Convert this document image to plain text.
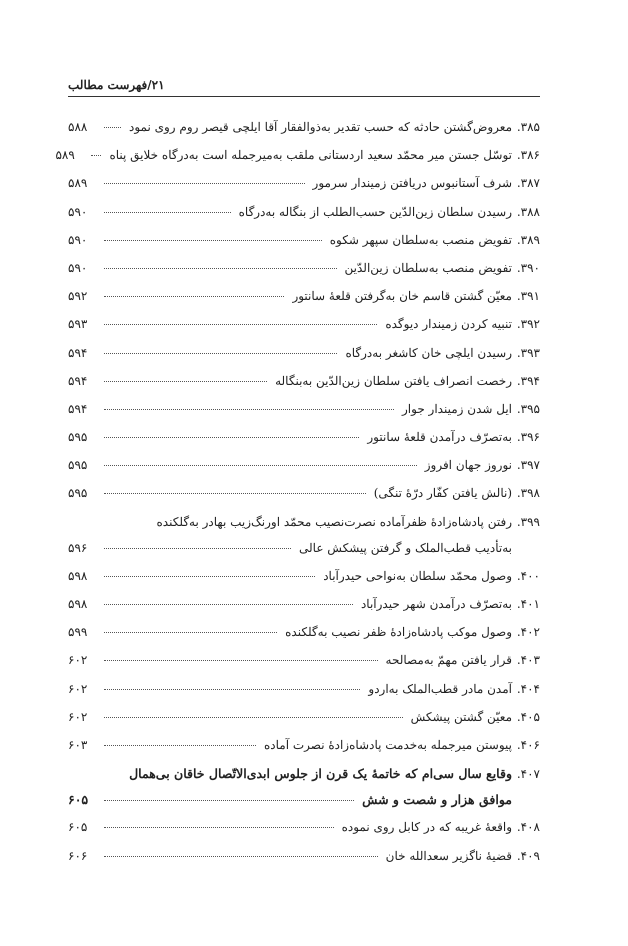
۲۱/فهرست مطالب
۳۸۵.
معروض‌گشتن حادثه که حسب تقدیر به‌ذوالفقار آقا ایلچی قیصر روم روی نمود
۵۸۸
۳۸۶.
توسّل جستن میر محمّد سعید اردستانی ملقب به‌میرجمله است به‌درگاه خلایق پناه
۵۸۹
۳۸۷.
شرف آستانبوس دریافتن زمیندار سرمور
۵۸۹
۳۸۸.
رسیدن سلطان زین‌الدّین حسب‌الطلب از بنگاله به‌درگاه
۵۹۰
۳۸۹.
تفویض منصب به‌سلطان سپهر شکوه
۵۹۰
۳۹۰.
تفویض منصب به‌سلطان زین‌الدّین
۵۹۰
۳۹۱.
معیّن گشتن قاسم خان به‌گرفتن قلعهٔ سانتور
۵۹۲
۳۹۲.
تنبیه کردن زمیندار دیوگده
۵۹۳
۳۹۳.
رسیدن ایلچی خان کاشغر به‌درگاه
۵۹۴
۳۹۴.
رخصت انصراف یافتن سلطان زین‌الدّین به‌بنگاله
۵۹۴
۳۹۵.
ایل شدن زمیندار جوار
۵۹۴
۳۹۶.
به‌تصرّف درآمدن قلعهٔ سانتور
۵۹۵
۳۹۷.
نوروز جهان افروز
۵۹۵
۳۹۸.
(نالش یافتن کفّار درّهٔ تنگی)
۵۹۵
۳۹۹.
رفتن پادشاه‌زادهٔ ظفرآماده نصرت‌نصیب محمّد اورنگ‌زیب بهادر به‌گلکنده
به‌تأدیب قطب‌الملک و گرفتن پیشکش عالی
۵۹۶
۴۰۰.
وصول محمّد سلطان به‌نواحی حیدرآباد
۵۹۸
۴۰۱.
به‌تصرّف درآمدن شهر حیدرآباد
۵۹۸
۴۰۲.
وصول موکب پادشاه‌زادهٔ ظفر نصیب به‌گلکنده
۵۹۹
۴۰۳.
قرار یافتن مهمّ به‌مصالحه
۶۰۲
۴۰۴.
آمدن مادر قطب‌الملک به‌اردو
۶۰۲
۴۰۵.
معیّن گشتن پیشکش
۶۰۲
۴۰۶.
پیوستن میرجمله به‌خدمت پادشاه‌زادهٔ نصرت آماده
۶۰۳
۴۰۷.
وقایع سال سی‌ام که خاتمهٔ یک قرن از جلوس ابدی‌الاتّصال خاقان بی‌همال
موافق هزار و شصت و شش
۶۰۵
۴۰۸.
واقعهٔ غریبه که در کابل روی نموده
۶۰۵
۴۰۹.
قضیهٔ ناگزیر سعدالله خان
۶۰۶
